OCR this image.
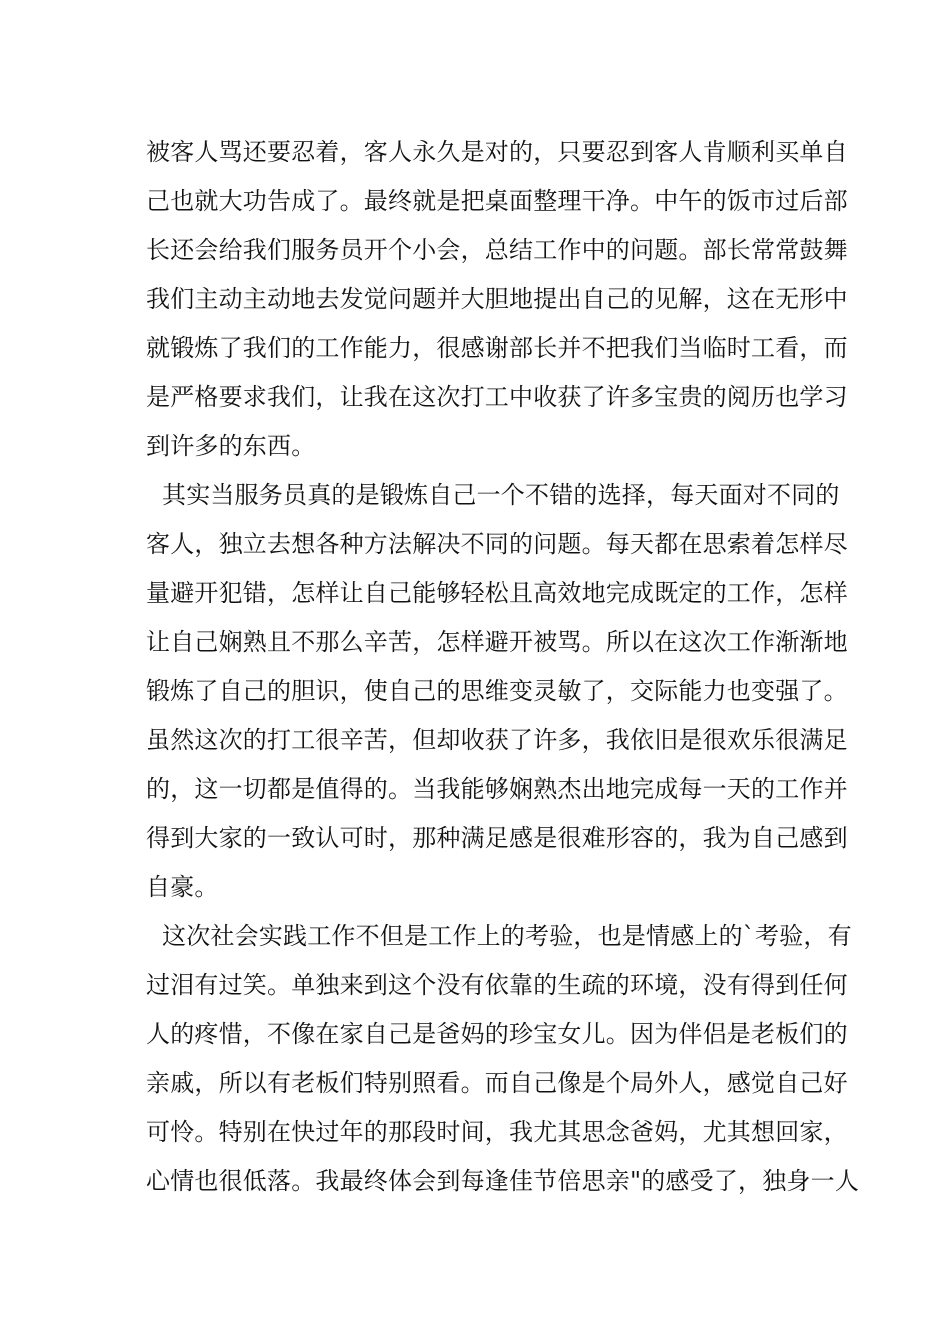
被客人骂还要忍着，客人永久是对的，只要忍到客人肯顺利买单自
己也就大功告成了。最终就是把桌面整理干净。中午的饭市过后部
长还会给我们服务员开个小会，总结工作中的问题。部长常常鼓舞
我们主动主动地去发觉问题并大胆地提出自己的见解，这在无形中
就锻炼了我们的工作能力，很感谢部长并不把我们当临时工看，而
是严格要求我们，让我在这次打工中收获了许多宝贵的阅历也学习
到许多的东西。
其实当服务员真的是锻炼自己一个不错的选择，每天面对不同的
客人，独立去想各种方法解决不同的问题。每天都在思索着怎样尽
量避开犯错，怎样让自己能够轻松且高效地完成既定的工作，怎样
让自己娴熟且不那么辛苦，怎样避开被骂。所以在这次工作渐渐地
锻炼了自己的胆识，使自己的思维变灵敏了，交际能力也变强了。
虽然这次的打工很辛苦，但却收获了许多，我依旧是很欢乐很满足
的，这一切都是值得的。当我能够娴熟杰出地完成每一天的工作并
得到大家的一致认可时，那种满足感是很难形容的，我为自己感到
自豪。
这次社会实践工作不但是工作上的考验，也是情感上的`考验，有
过泪有过笑。单独来到这个没有依靠的生疏的环境，没有得到任何
人的疼惜，不像在家自己是爸妈的珍宝女儿。因为伴侣是老板们的
亲戚，所以有老板们特别照看。而自己像是个局外人，感觉自己好
可怜。特别在快过年的那段时间，我尤其思念爸妈，尤其想回家，
心情也很低落。我最终体会到每逢佳节倍思亲"的感受了，独身一人
